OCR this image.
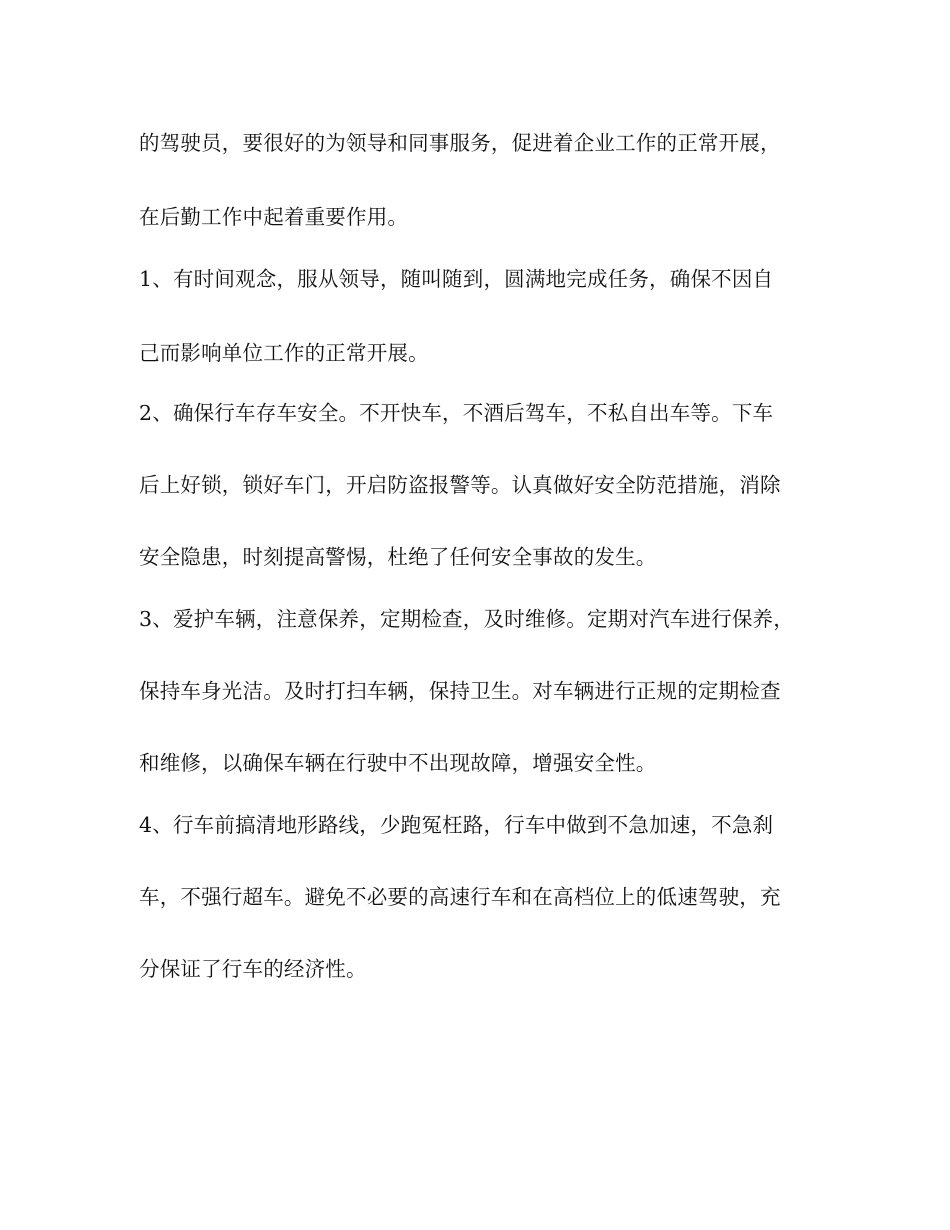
的驾驶员，要很好的为领导和同事服务，促进着企业工作的正常开展，
在后勤工作中起着重要作用。
1、有时间观念，服从领导，随叫随到，圆满地完成任务，确保不因自
己而影响单位工作的正常开展。
2、确保行车存车安全。不开快车，不酒后驾车，不私自出车等。下车
后上好锁，锁好车门，开启防盗报警等。认真做好安全防范措施，消除
安全隐患，时刻提高警惕，杜绝了任何安全事故的发生。
3、爱护车辆，注意保养，定期检查，及时维修。定期对汽车进行保养，
保持车身光洁。及时打扫车辆，保持卫生。对车辆进行正规的定期检查
和维修，以确保车辆在行驶中不出现故障，增强安全性。
4、行车前搞清地形路线，少跑冤枉路，行车中做到不急加速，不急刹
车，不强行超车。避免不必要的高速行车和在高档位上的低速驾驶，充
分保证了行车的经济性。
